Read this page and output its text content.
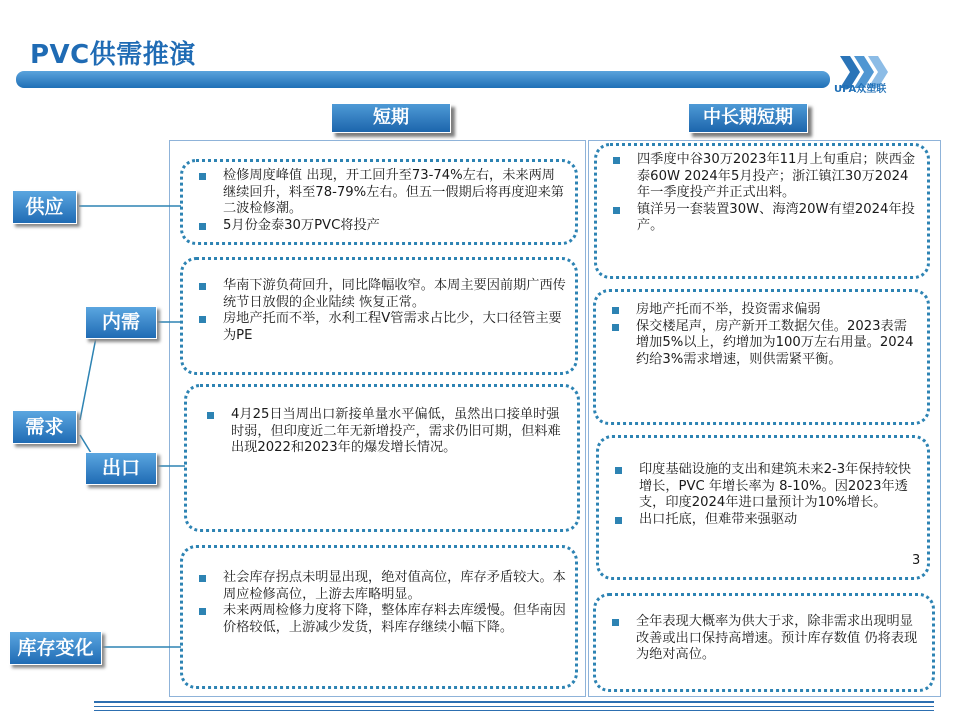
PVC供需推演
UPA众塑联
短期	中长期短期
供应
内需
需求
出口
库存变化
检修周度峰值 出现，开工回升至73-74%左右，未来两周继续回升，料至78-79%左右。但五一假期后将再度迎来第二波检修潮。
5月份金泰30万PVC将投产
华南下游负荷回升，同比降幅收窄。本周主要因前期广西传统节日放假的企业陆续 恢复正常。
房地产托而不举，水利工程V管需求占比少，大口径管主要为PE
4月25日当周出口新接单量水平偏低，虽然出口接单时强时弱，但印度近二年无新增投产，需求仍旧可期，但料难出现2022和2023年的爆发增长情况。
社会库存拐点未明显出现，绝对值高位，库存矛盾较大。本周应检修高位，上游去库略明显。
未来两周检修力度将下降，整体库存料去库缓慢。但华南因价格较低，上游减少发货，料库存继续小幅下降。
四季度中谷30万2023年11月上旬重启；陕西金泰60W 2024年5月投产；浙江镇江30万2024年一季度投产并正式出料。
镇洋另一套装置30W、海湾20W有望2024年投产。
房地产托而不举，投资需求偏弱
保交楼尾声，房产新开工数据欠佳。2023表需增加5%以上，约增加为100万左右用量。2024约给3%需求增速，则供需紧平衡。
印度基础设施的支出和建筑未来2-3年保持较快增长，PVC 年增长率为 8-10%。因2023年透支，印度2024年进口量预计为10%增长。
出口托底，但难带来强驱动
全年表现大概率为供大于求，除非需求出现明显改善或出口保持高增速。预计库存数值 仍将表现为绝对高位。
3
